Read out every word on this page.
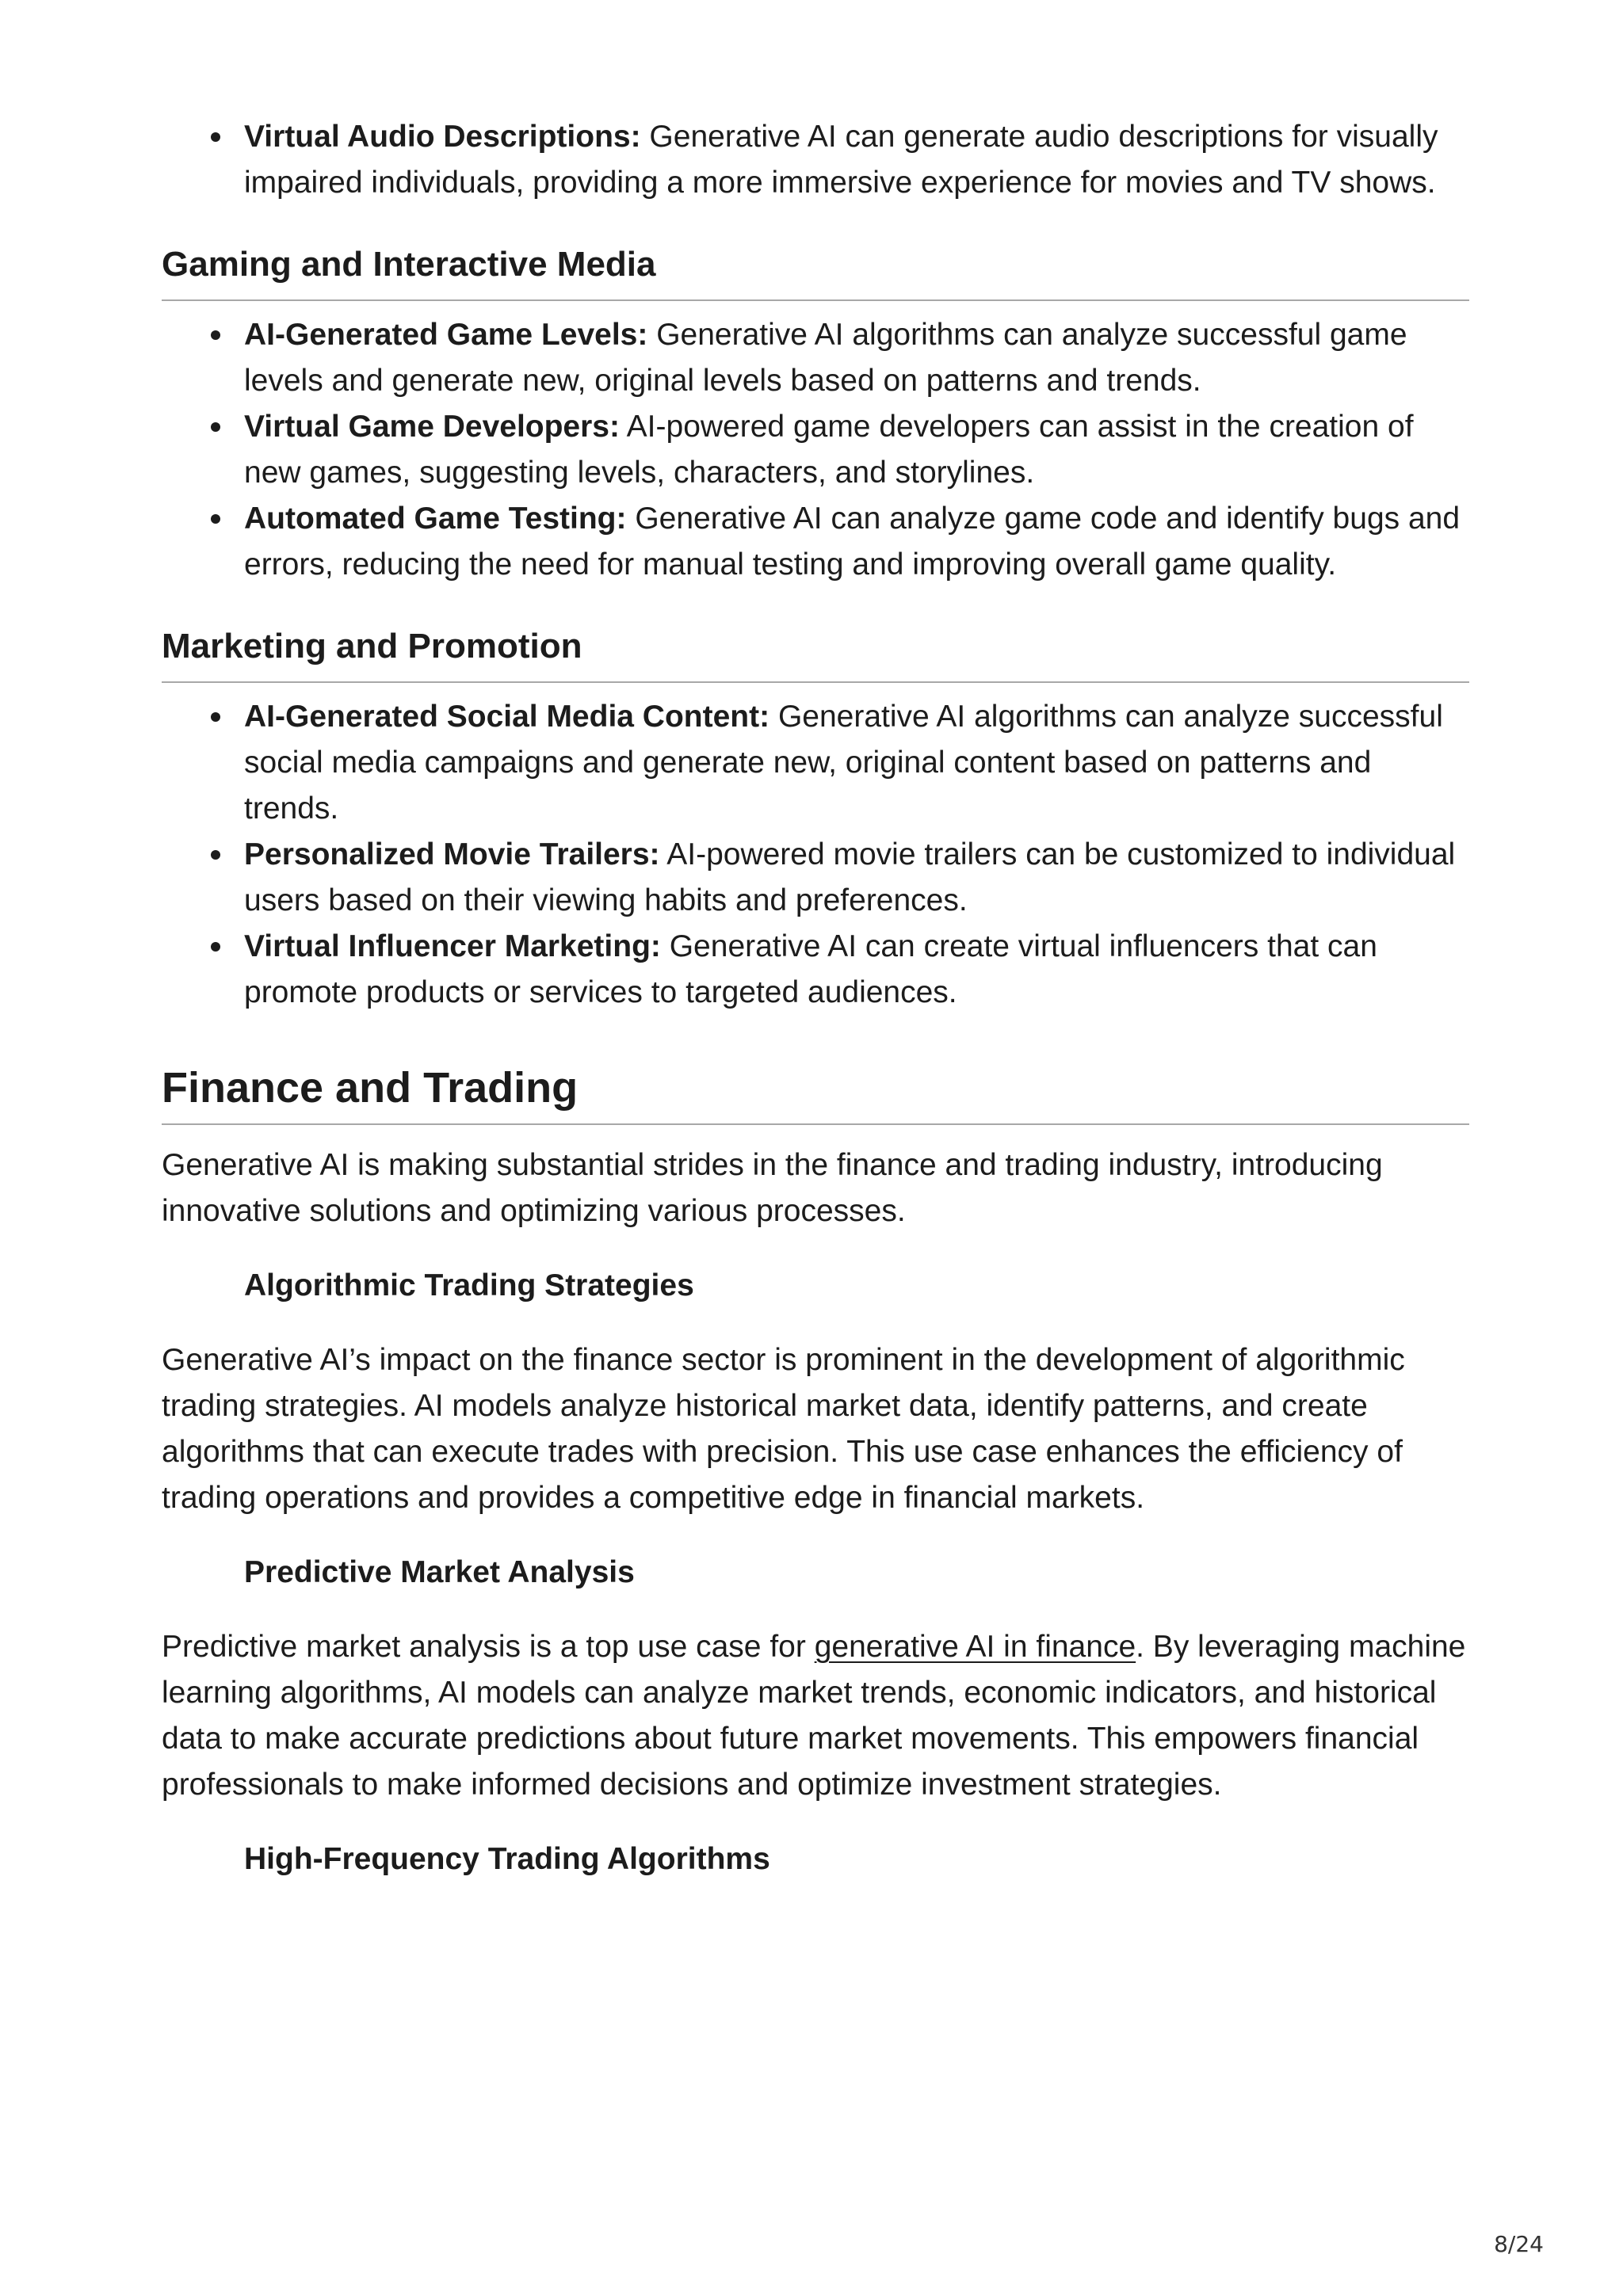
Virtual Audio Descriptions: Generative AI can generate audio descriptions for visually impaired individuals, providing a more immersive experience for movies and TV shows.
Gaming and Interactive Media
AI-Generated Game Levels: Generative AI algorithms can analyze successful game levels and generate new, original levels based on patterns and trends.
Virtual Game Developers: AI-powered game developers can assist in the creation of new games, suggesting levels, characters, and storylines.
Automated Game Testing: Generative AI can analyze game code and identify bugs and errors, reducing the need for manual testing and improving overall game quality.
Marketing and Promotion
AI-Generated Social Media Content: Generative AI algorithms can analyze successful social media campaigns and generate new, original content based on patterns and trends.
Personalized Movie Trailers: AI-powered movie trailers can be customized to individual users based on their viewing habits and preferences.
Virtual Influencer Marketing: Generative AI can create virtual influencers that can promote products or services to targeted audiences.
Finance and Trading

Generative AI is making substantial strides in the finance and trading industry, introducing innovative solutions and optimizing various processes.

Algorithmic Trading Strategies

Generative AI’s impact on the finance sector is prominent in the development of algorithmic trading strategies. AI models analyze historical market data, identify patterns, and create algorithms that can execute trades with precision. This use case enhances the efficiency of trading operations and provides a competitive edge in financial markets.

Predictive Market Analysis

Predictive market analysis is a top use case for generative AI in finance. By leveraging machine learning algorithms, AI models can analyze market trends, economic indicators, and historical data to make accurate predictions about future market movements. This empowers financial professionals to make informed decisions and optimize investment strategies.

High-Frequency Trading Algorithms
8/24
